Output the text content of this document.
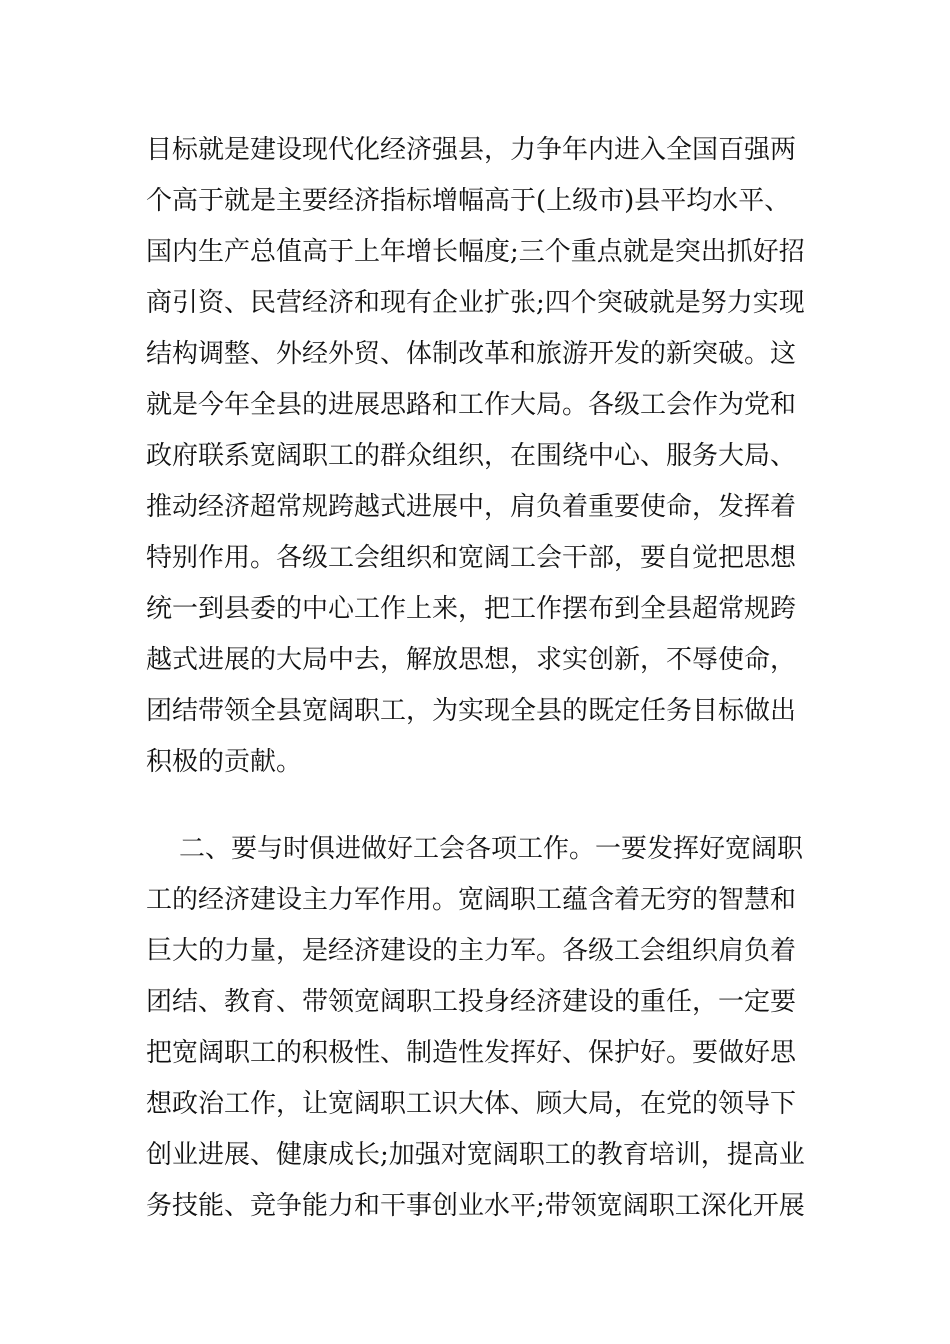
目标就是建设现代化经济强县，力争年内进入全国百强两
个高于就是主要经济指标增幅高于(上级市)县平均水平、
国内生产总值高于上年增长幅度;三个重点就是突出抓好招
商引资、民营经济和现有企业扩张;四个突破就是努力实现
结构调整、外经外贸、体制改革和旅游开发的新突破。这
就是今年全县的进展思路和工作大局。各级工会作为党和
政府联系宽阔职工的群众组织，在围绕中心、服务大局、
推动经济超常规跨越式进展中，肩负着重要使命，发挥着
特别作用。各级工会组织和宽阔工会干部，要自觉把思想
统一到县委的中心工作上来，把工作摆布到全县超常规跨
越式进展的大局中去，解放思想，求实创新，不辱使命，
团结带领全县宽阔职工，为实现全县的既定任务目标做出
积极的贡献。
二、要与时俱进做好工会各项工作。一要发挥好宽阔职
工的经济建设主力军作用。宽阔职工蕴含着无穷的智慧和
巨大的力量，是经济建设的主力军。各级工会组织肩负着
团结、教育、带领宽阔职工投身经济建设的重任，一定要
把宽阔职工的积极性、制造性发挥好、保护好。要做好思
想政治工作，让宽阔职工识大体、顾大局，在党的领导下
创业进展、健康成长;加强对宽阔职工的教育培训，提高业
务技能、竞争能力和干事创业水平;带领宽阔职工深化开展
